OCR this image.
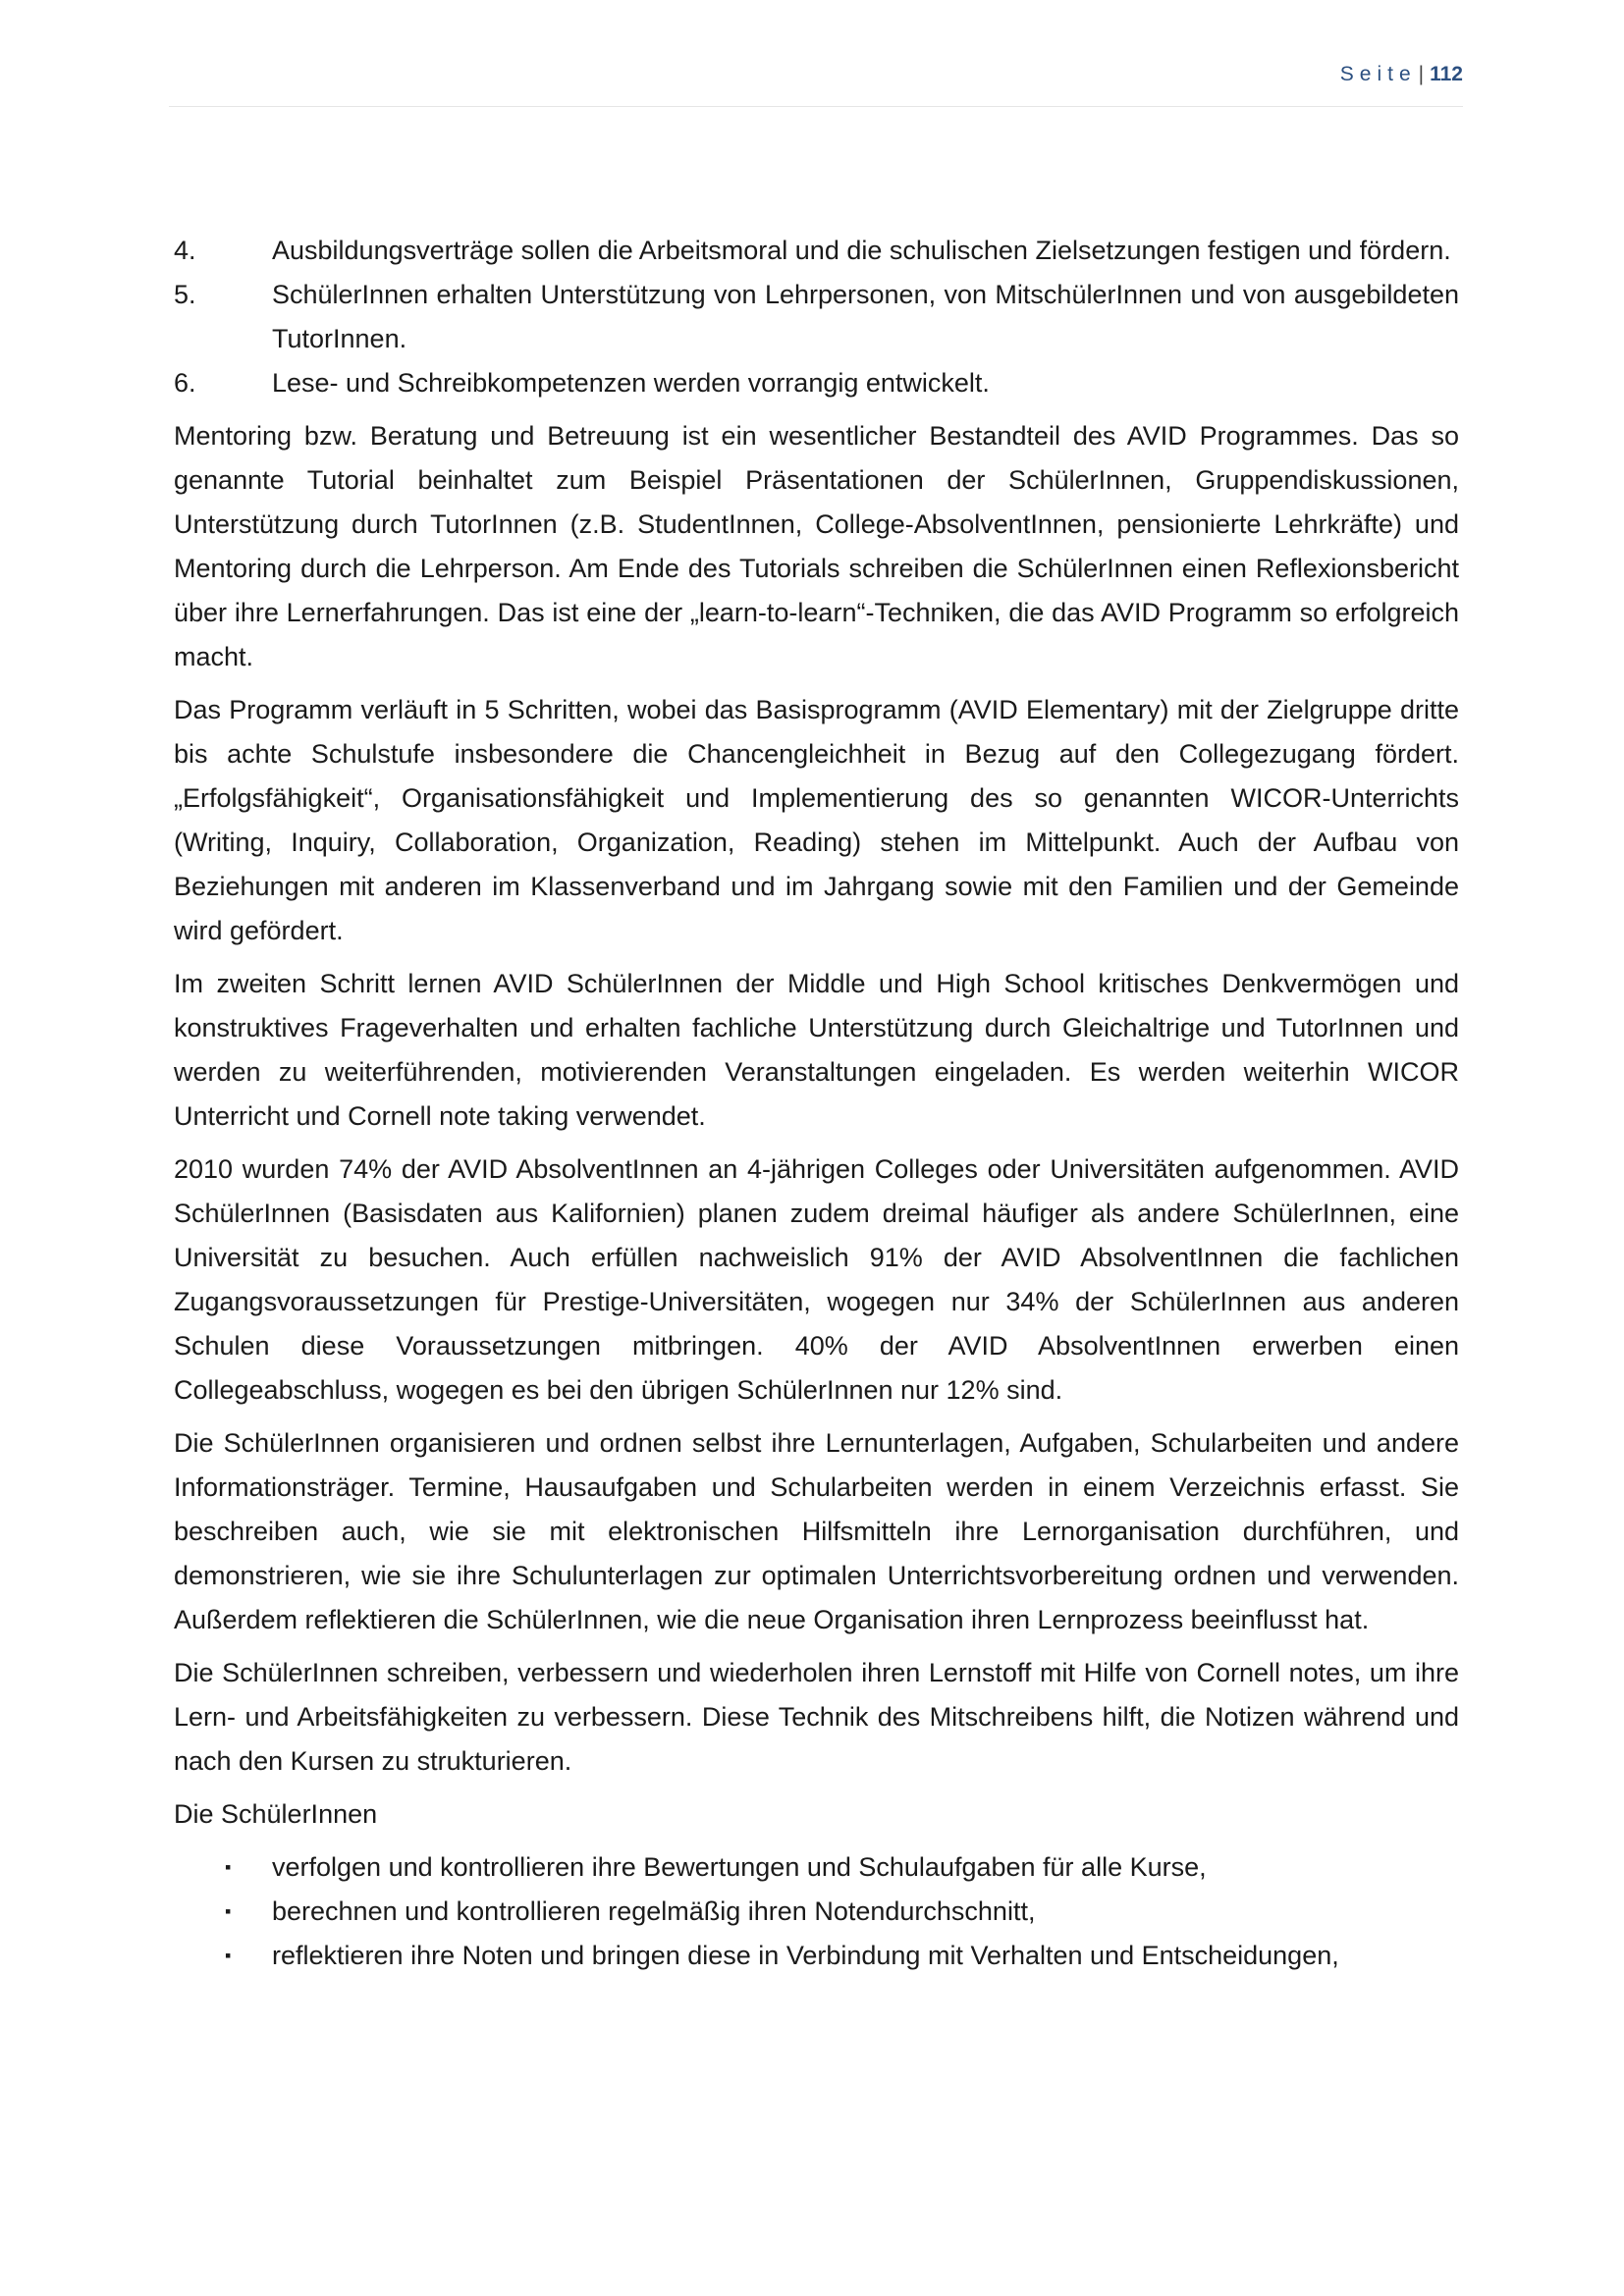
Seite| 112
4.	Ausbildungsverträge sollen die Arbeitsmoral und die schulischen Zielsetzungen festigen und fördern.
5.	SchülerInnen erhalten Unterstützung von Lehrpersonen, von MitschülerInnen und von ausgebildeten TutorInnen.
6.	Lese- und Schreibkompetenzen werden vorrangig entwickelt.

Mentoring bzw. Beratung und Betreuung ist ein wesentlicher Bestandteil des AVID Programmes. Das so genannte Tutorial beinhaltet zum Beispiel Präsentationen der SchülerInnen, Gruppendiskussionen, Unterstützung durch TutorInnen (z.B. StudentInnen, College-AbsolventInnen, pensionierte Lehrkräfte) und Mentoring durch die Lehrperson. Am Ende des Tutorials schreiben die SchülerInnen einen Reflexionsbericht über ihre Lernerfahrungen. Das ist eine der „learn-to-learn“-Techniken, die das AVID Programm so erfolgreich macht.

Das Programm verläuft in 5 Schritten, wobei das Basisprogramm (AVID Elementary) mit der Zielgruppe dritte bis achte Schulstufe insbesondere die Chancengleichheit in Bezug auf den Collegezugang fördert. „Erfolgsfähigkeit“, Organisationsfähigkeit und Implementierung des so genannten WICOR-Unterrichts (Writing, Inquiry, Collaboration, Organization, Reading) stehen im Mittelpunkt. Auch der Aufbau von Beziehungen mit anderen im Klassenverband und im Jahrgang sowie mit den Familien und der Gemeinde wird gefördert.

Im zweiten Schritt lernen AVID SchülerInnen der Middle und High School kritisches Denkvermögen und konstruktives Frageverhalten und erhalten fachliche Unterstützung durch Gleichaltrige und TutorInnen und werden zu weiterführenden, motivierenden Veranstaltungen eingeladen. Es werden weiterhin WICOR Unterricht und Cornell note taking verwendet.

2010 wurden 74% der AVID AbsolventInnen an 4-jährigen Colleges oder Universitäten aufgenommen. AVID SchülerInnen (Basisdaten aus Kalifornien) planen zudem dreimal häufiger als andere SchülerInnen, eine Universität zu besuchen. Auch erfüllen nachweislich 91% der AVID AbsolventInnen die fachlichen Zugangsvoraussetzungen für Prestige-Universitäten, wogegen nur 34% der SchülerInnen aus anderen Schulen diese Voraussetzungen mitbringen. 40% der AVID AbsolventInnen erwerben einen Collegeabschluss, wogegen es bei den übrigen SchülerInnen nur 12% sind.

Die SchülerInnen organisieren und ordnen selbst ihre Lernunterlagen, Aufgaben, Schularbeiten und andere Informationsträger. Termine, Hausaufgaben und Schularbeiten werden in einem Verzeichnis erfasst. Sie beschreiben auch, wie sie mit elektronischen Hilfsmitteln ihre Lernorganisation durchführen, und demonstrieren, wie sie ihre Schulunterlagen zur optimalen Unterrichtsvorbereitung ordnen und verwenden. Außerdem reflektieren die SchülerInnen, wie die neue Organisation ihren Lernprozess beeinflusst hat.

Die SchülerInnen schreiben, verbessern und wiederholen ihren Lernstoff mit Hilfe von Cornell notes, um ihre Lern- und Arbeitsfähigkeiten zu verbessern. Diese Technik des Mitschreibens hilft, die Notizen während und nach den Kursen zu strukturieren.

Die SchülerInnen

▪	verfolgen und kontrollieren ihre Bewertungen und Schulaufgaben für alle Kurse,
▪	berechnen und kontrollieren regelmäßig ihren Notendurchschnitt,
▪	reflektieren ihre Noten und bringen diese in Verbindung mit Verhalten und Entscheidungen,
